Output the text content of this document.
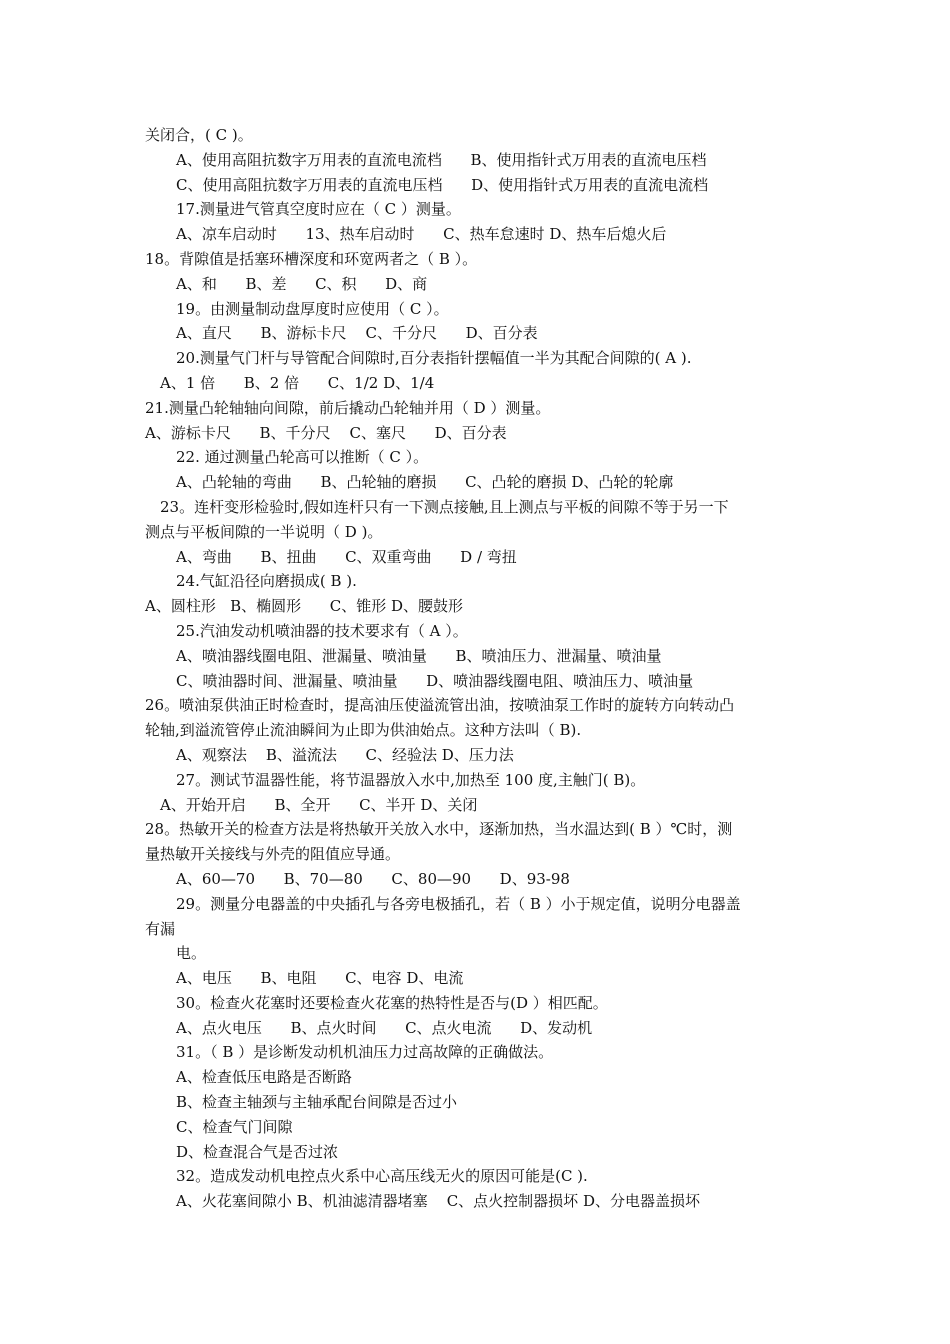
关闭合，( C )。
A、使用高阻抗数字万用表的直流电流档      B、使用指针式万用表的直流电压档
C、使用高阻抗数字万用表的直流电压档      D、使用指针式万用表的直流电流档
17.测量进气管真空度时应在（ C ）测量。
A、凉车启动时      13、热车启动时      C、热车怠速时 D、热车后熄火后
18。背隙值是括塞环槽深度和环宽两者之（ B ）。
A、和      B、差      C、积      D、商
19。由测量制动盘厚度时应使用（ C ）。
A、直尺      B、游标卡尺    C、千分尺      D、百分表
20.测量气门杆与导管配合间隙时,百分表指针摆幅值一半为其配合间隙的( A ).
A、1 倍      B、2 倍      C、1/2 D、1/4
21.测量凸轮轴轴向间隙，前后撬动凸轮轴并用（ D ）测量。
A、游标卡尺      B、千分尺    C、塞尺      D、百分表
22. 通过测量凸轮高可以推断（ C ）。
A、凸轮轴的弯曲      B、凸轮轴的磨损      C、凸轮的磨损 D、凸轮的轮廓
23。连杆变形检验时,假如连杆只有一下测点接触,且上测点与平板的间隙不等于另一下
测点与平板间隙的一半说明（ D )。
A、弯曲      B、扭曲      C、双重弯曲      D / 弯扭
24.气缸沿径向磨损成( B ).
A、圆柱形   B、椭圆形      C、锥形 D、腰鼓形
25.汽油发动机喷油器的技术要求有（ A ）。
A、喷油器线圈电阻、泄漏量、喷油量      B、喷油压力、泄漏量、喷油量
C、喷油器时间、泄漏量、喷油量      D、喷油器线圈电阻、喷油压力、喷油量
26。喷油泵供油正时检查时，提高油压使溢流管出油，按喷油泵工作时的旋转方向转动凸
轮轴,到溢流管停止流油瞬间为止即为供油始点。这种方法叫（ B).
A、观察法    B、溢流法      C、经验法 D、压力法
27。测试节温器性能，将节温器放入水中,加热至 100 度,主触门( B)。
A、开始开启      B、全开      C、半开 D、关闭
28。热敏开关的检查方法是将热敏开关放入水中，逐渐加热，当水温达到( B ）℃时，测
量热敏开关接线与外壳的阻值应导通。
A、60—70      B、70—80      C、80—90      D、93-98
29。测量分电器盖的中央插孔与各旁电极插孔，若（ B ）小于规定值，说明分电器盖
有漏
电。
A、电压      B、电阻      C、电容 D、电流
30。检查火花塞时还要检查火花塞的热特性是否与(D ）相匹配。
A、点火电压      B、点火时间      C、点火电流      D、发动机
31。（ B ）是诊断发动机机油压力过高故障的正确做法。
A、检查低压电路是否断路
B、检查主轴颈与主轴承配台间隙是否过小
C、检查气门间隙
D、检查混合气是否过浓
32。造成发动机电控点火系中心高压线无火的原因可能是(C ).
A、火花塞间隙小 B、机油滤清器堵塞    C、点火控制器损坏 D、分电器盖损坏
